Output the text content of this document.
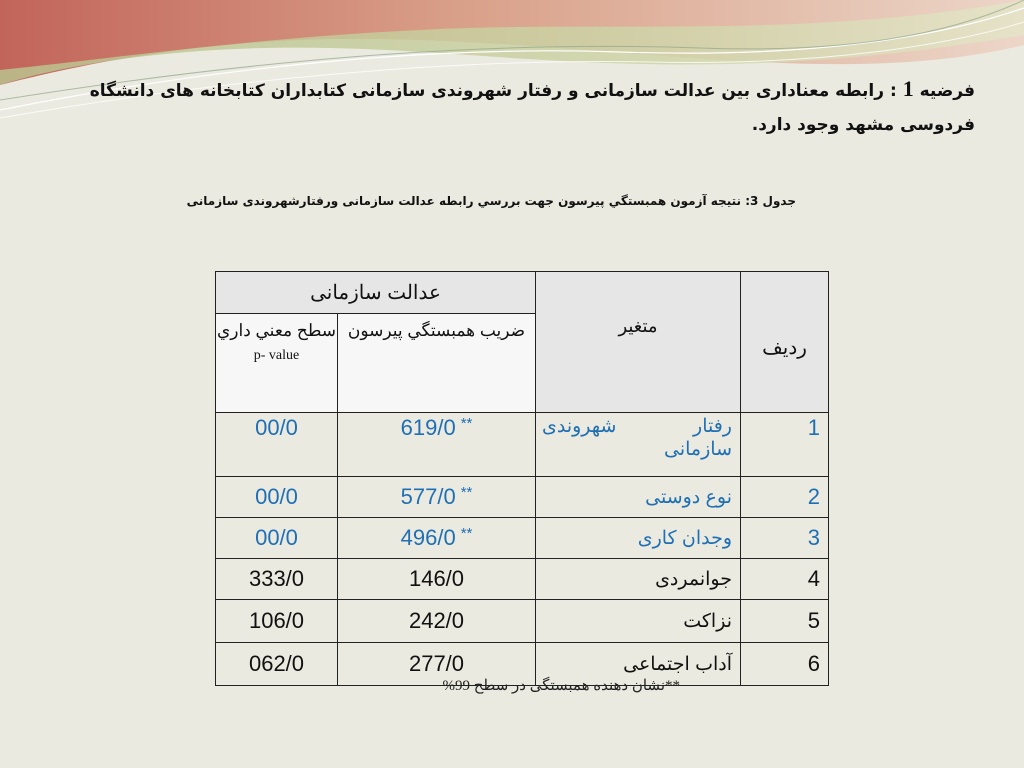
فرضیه 1 : رابطه معناداری بین عدالت سازمانی و رفتار شهروندی سازمانی کتابداران کتابخانه های دانشگاه فردوسی مشهد وجود دارد.
جدول 3: نتيجه آزمون همبستگي پيرسون جهت بررسي رابطه عدالت سازمانی ورفتارشهروندی سازمانی
رديف	متغير	عدالت سازمانی	
		ضريب همبستگي پيرسون	سطح معني داري
p- value

1	رفتار
شهروندی
سازمانی	**619/0	00/0
2	نوع دوستی	**577/0	00/0
3	وجدان کاری	**496/0	00/0
4	جوانمردی	146/0	333/0
5	نزاکت	242/0	106/0
6	آداب اجتماعی	277/0	062/0
**نشان دهنده همبستگی در سطح 99%
